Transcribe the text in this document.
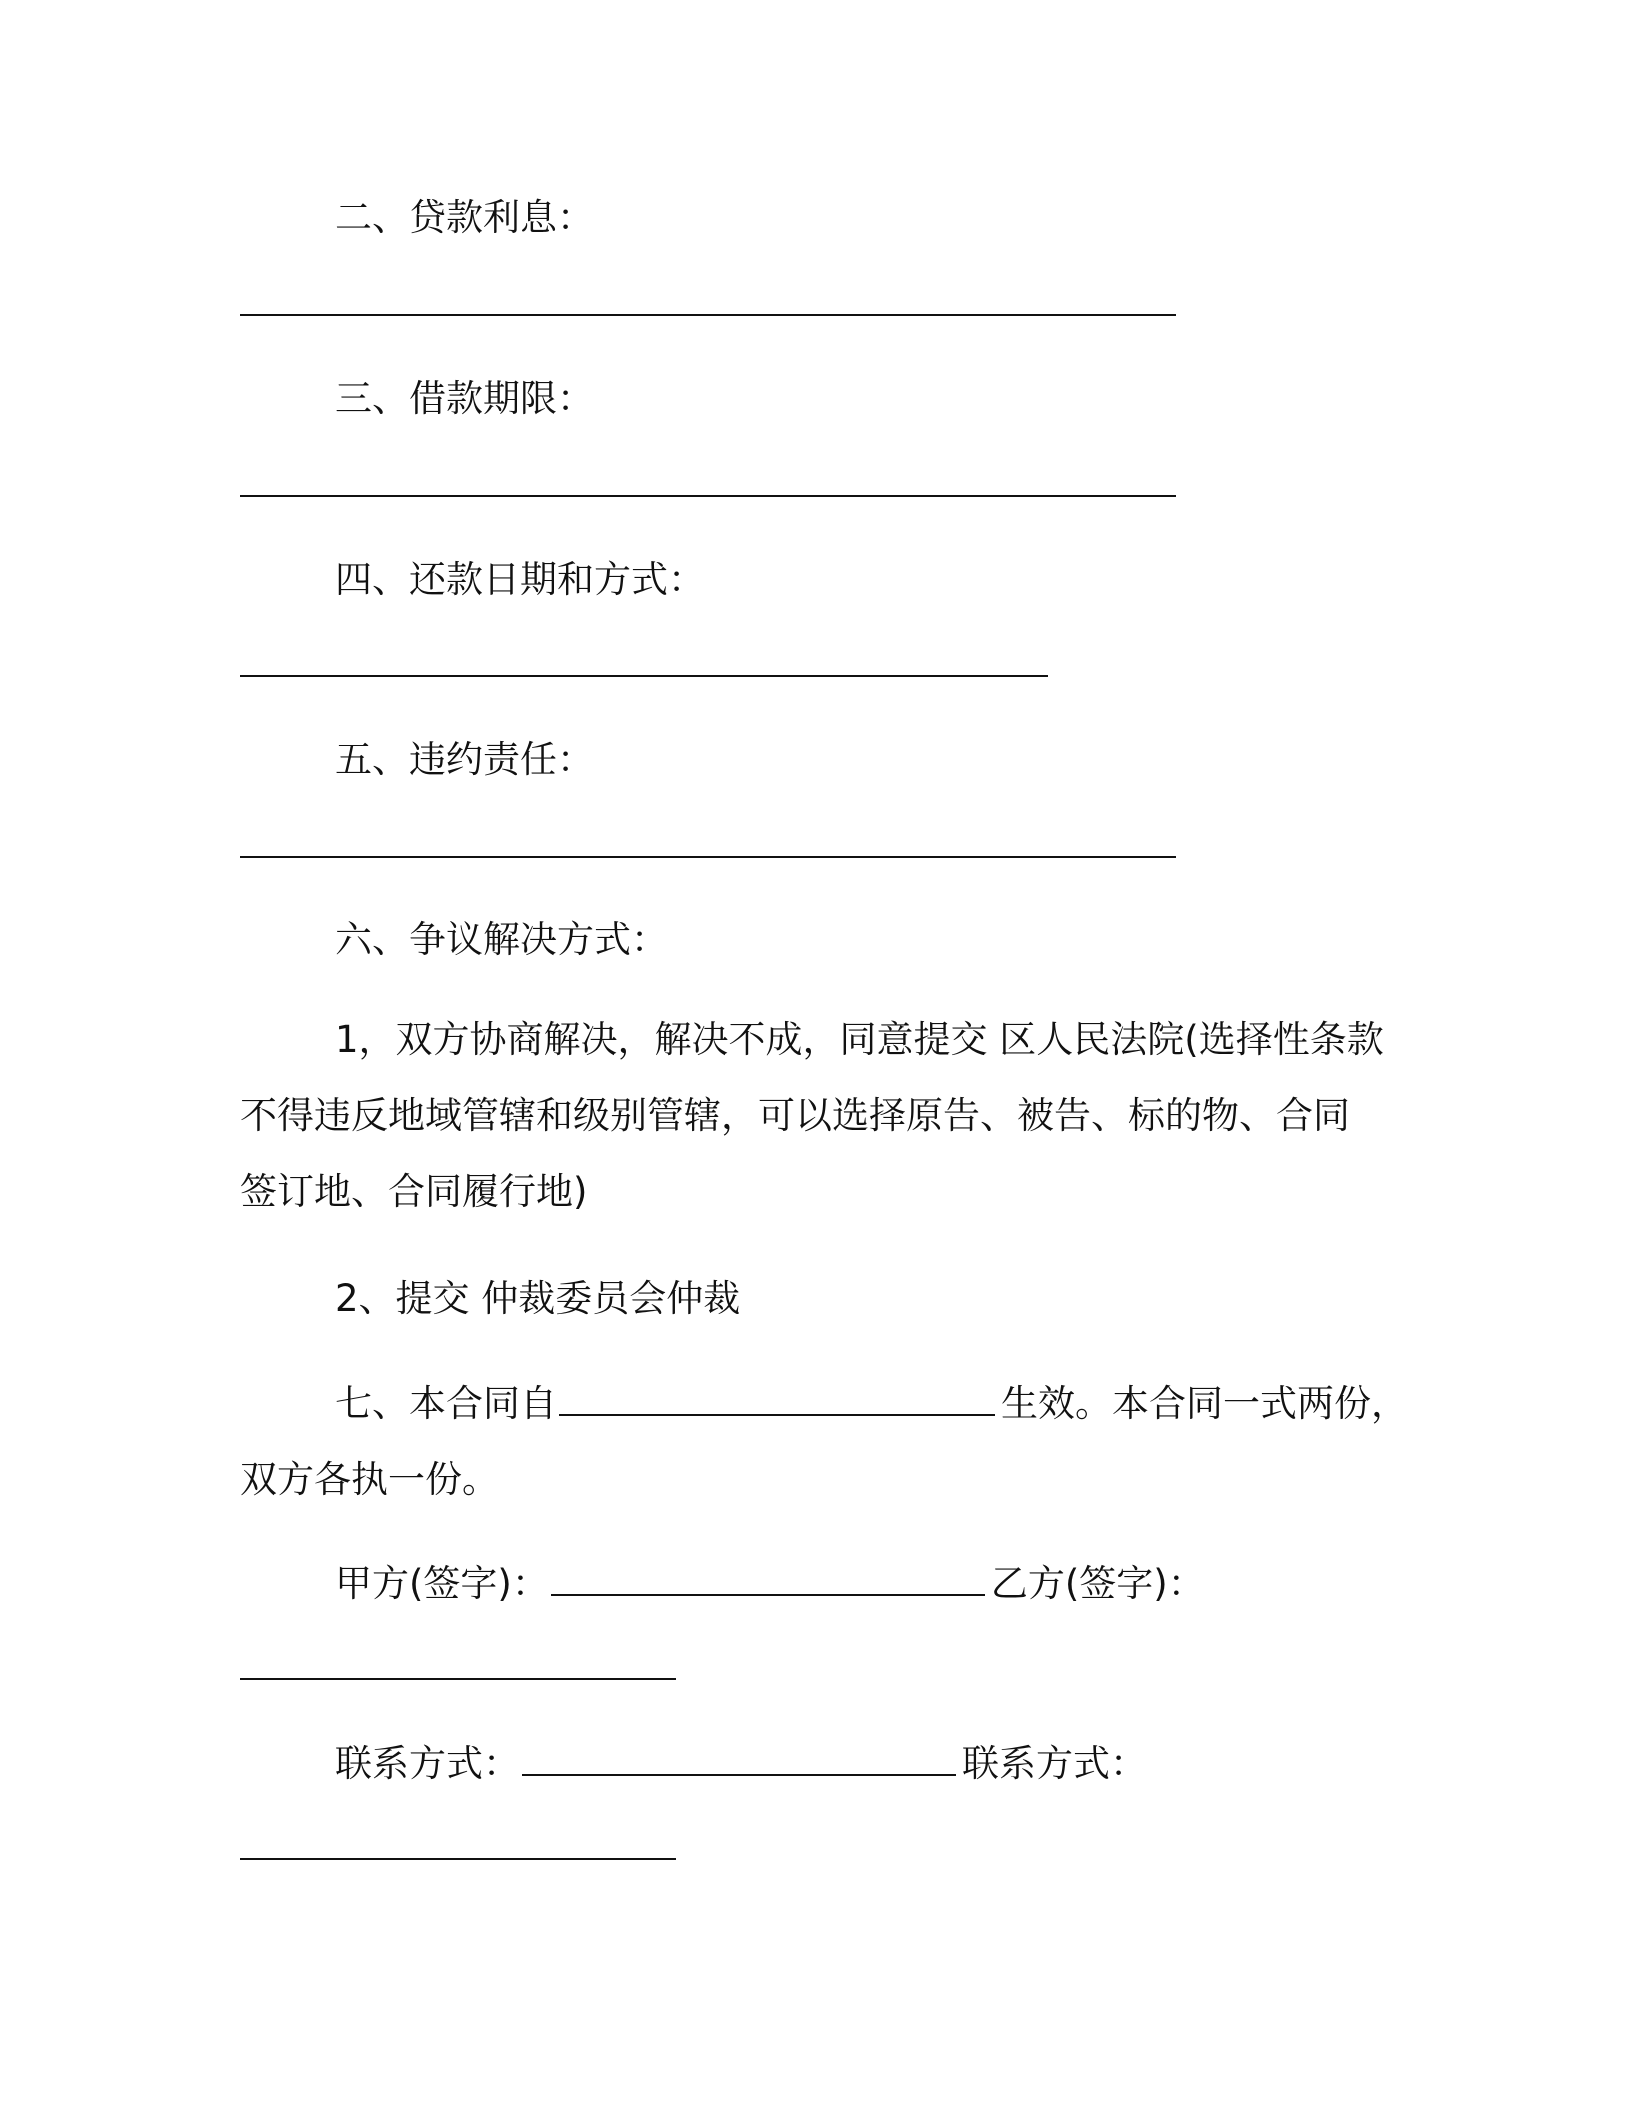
二、贷款利息：

三、借款期限：

四、还款日期和方式：

五、违约责任：

六、争议解决方式：

1，双方协商解决，解决不成，同意提交 区人民法院(选择性条款

不得违反地域管辖和级别管辖，可以选择原告、被告、标的物、合同

签订地、合同履行地)

2、提交 仲裁委员会仲裁

七、本合同自	生效。本合同一式两份，

双方各执一份。

甲方(签字)：	乙方(签字)：

联系方式：	联系方式：
